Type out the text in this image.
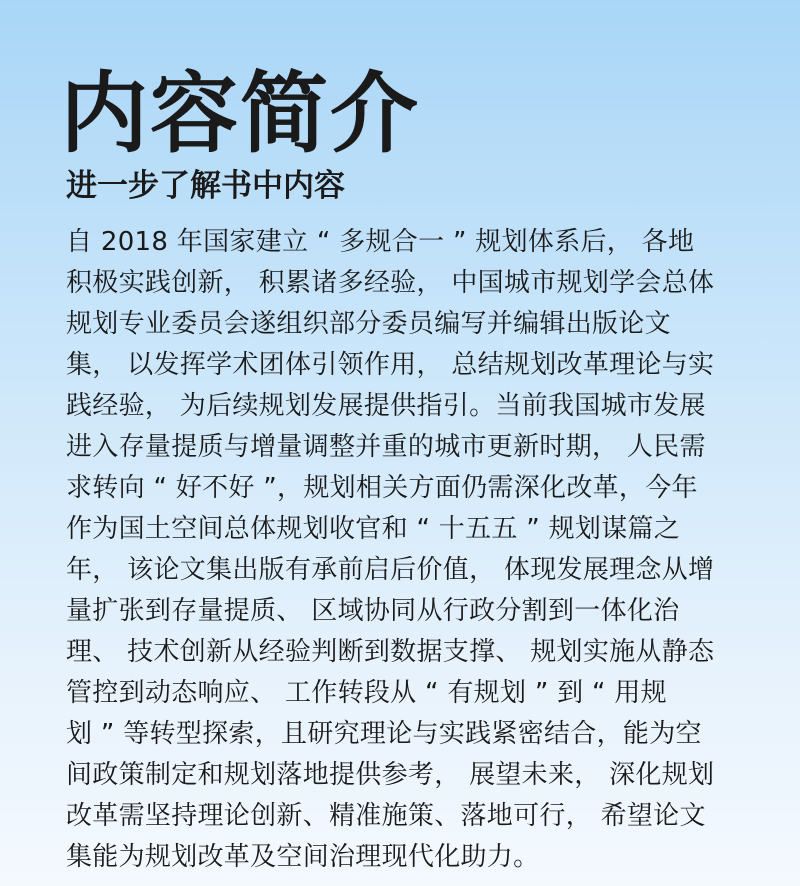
内容简介
进一步了解书中内容
自 2018 年国家建立 “ 多规合一 ” 规划体系后， 各地
积极实践创新， 积累诸多经验， 中国城市规划学会总体
规划专业委员会遂组织部分委员编写并编辑出版论文
集， 以发挥学术团体引领作用， 总结规划改革理论与实
践经验， 为后续规划发展提供指引。当前我国城市发展
进入存量提质与增量调整并重的城市更新时期， 人民需
求转向 “ 好不好 ”，规划相关方面仍需深化改革，今年
作为国土空间总体规划收官和 “ 十五五 ” 规划谋篇之
年， 该论文集出版有承前启后价值， 体现发展理念从增
量扩张到存量提质、 区域协同从行政分割到一体化治
理、 技术创新从经验判断到数据支撑、 规划实施从静态
管控到动态响应、 工作转段从 “ 有规划 ” 到 “ 用规
划 ” 等转型探索，且研究理论与实践紧密结合，能为空
间政策制定和规划落地提供参考， 展望未来， 深化规划
改革需坚持理论创新、精准施策、落地可行， 希望论文
集能为规划改革及空间治理现代化助力。
